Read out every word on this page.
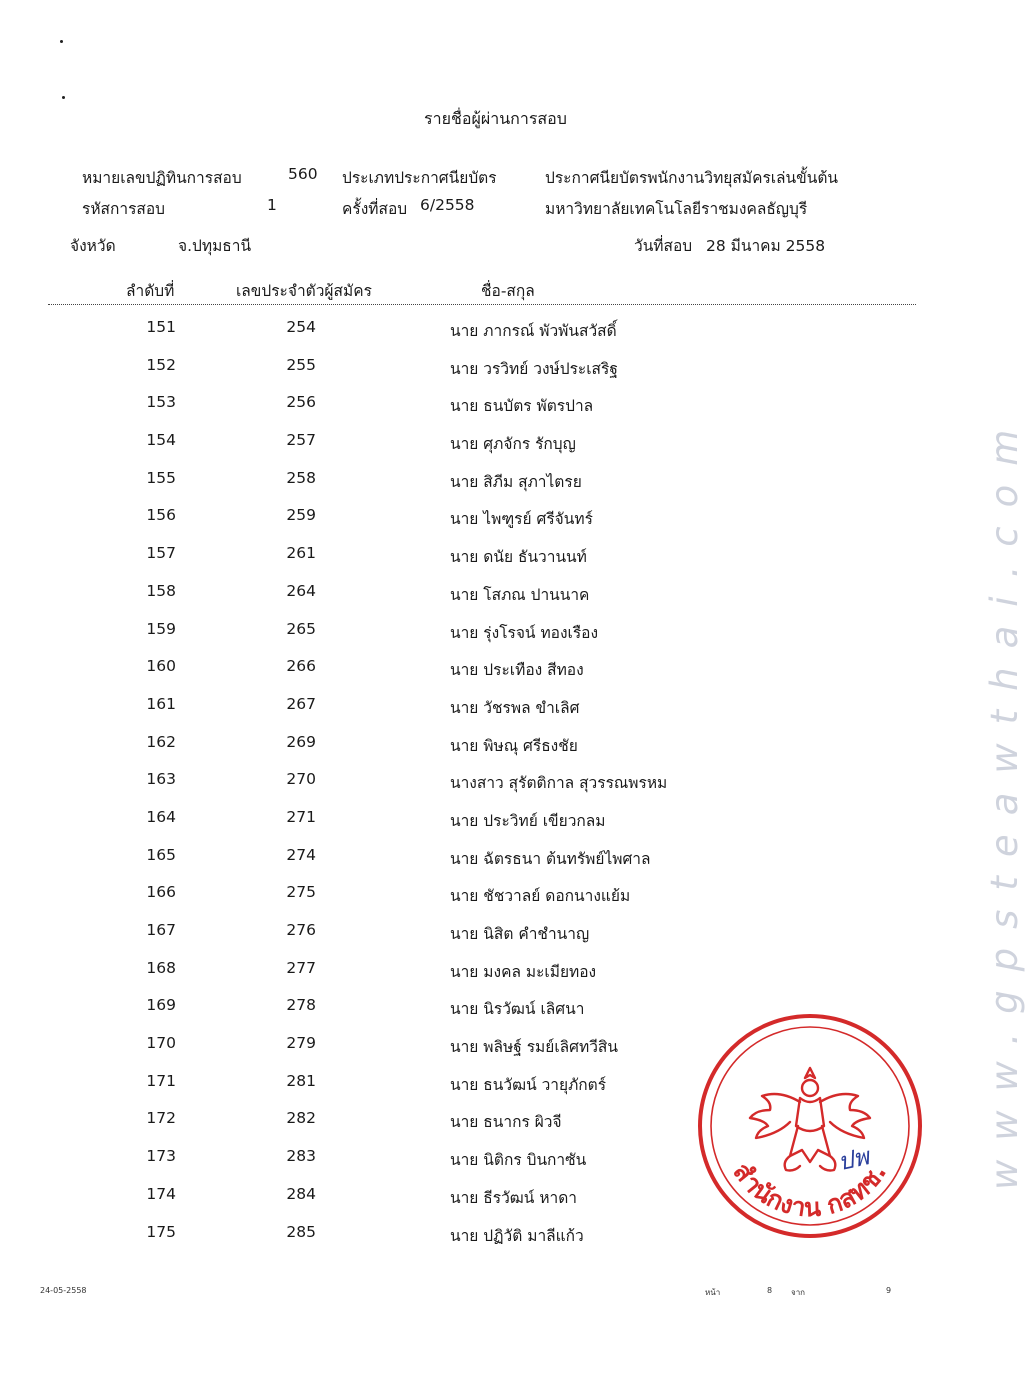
รายชื่อผู้ผ่านการสอบ
หมายเลขปฏิทินการสอบ	560 ประเภทประกาศนียบัตร	ประกาศนียบัตรพนักงานวิทยุสมัครเล่นขั้นต้น
รหัสการสอบ	1	ครั้งที่สอบ 6/2558	มหาวิทยาลัยเทคโนโลยีราชมงคลธัญบุรี
จังหวัด	จ.ปทุมธานี	วันที่สอบ 28 มีนาคม 2558
ลำดับที่	เลขประจำตัวผู้สมัคร	ชื่อ-สกุล
151	254	นาย ภากรณ์ พัวพันสวัสดิ์
152	255	นาย วรวิทย์ วงษ์ประเสริฐ
153	256	นาย ธนบัตร พัตรปาล
154	257	นาย ศุภจักร รักบุญ
155	258	นาย สิภีม สุภาไตรย
156	259	นาย ไพฑูรย์ ศรีจันทร์
157	261	นาย ดนัย ธันวานนท์
158	264	นาย โสภณ ปานนาค
159	265	นาย รุ่งโรจน์ ทองเรือง
160	266	นาย ประเทือง สีทอง
161	267	นาย วัชรพล ขำเลิศ
162	269	นาย พิษณุ ศรีธงชัย
163	270	นางสาว สุรัตติกาล สุวรรณพรหม
164	271	นาย ประวิทย์ เขียวกลม
165	274	นาย ฉัตรธนา ต้นทรัพย์ไพศาล
166	275	นาย ชัชวาลย์ ดอกนางแย้ม
167	276	นาย นิสิต คำชำนาญ
168	277	นาย มงคล มะเมียทอง
169	278	นาย นิรวัฒน์ เลิศนา
170	279	นาย พลิษฐ์ รมย์เลิศทวีสิน
171	281	นาย ธนวัฒน์ วายุภักตร์
172	282	นาย ธนากร ผิวจี
173	283	นาย นิติกร บินกาซัน
174	284	นาย ธีรวัฒน์ หาดา
175	285	นาย ปฏิวัติ มาลีแก้ว
24-05-2558	หน้า	8 จาก	9
www.gpsteawthai.com
สำนักงาน กสทช.
ปพ
